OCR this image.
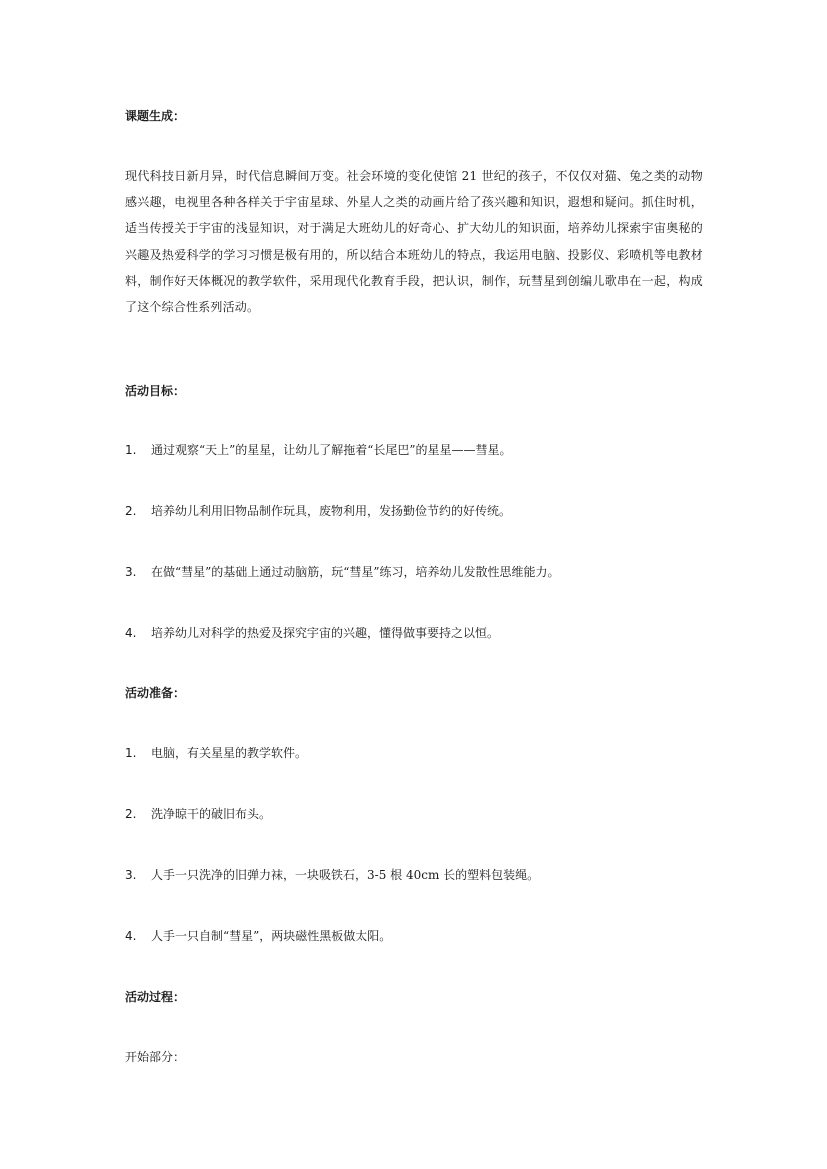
课题生成：
现代科技日新月异，时代信息瞬间万变。社会环境的变化使馆 21 世纪的孩子，不仅仅对猫、兔之类的动物感兴趣，电视里各种各样关于宇宙星球、外星人之类的动画片给了孩兴趣和知识，遐想和疑问。抓住时机，适当传授关于宇宙的浅显知识，对于满足大班幼儿的好奇心、扩大幼儿的知识面，培养幼儿探索宇宙奥秘的兴趣及热爱科学的学习习惯是极有用的，所以结合本班幼儿的特点，我运用电脑、投影仪、彩喷机等电教材料，制作好天体概况的教学软件，采用现代化教育手段，把认识，制作，玩彗星到创编儿歌串在一起，构成了这个综合性系列活动。
活动目标：
1. 通过观察“天上”的星星，让幼儿了解拖着“长尾巴”的星星——彗星。
2. 培养幼儿利用旧物品制作玩具，废物利用，发扬勤俭节约的好传统。
3. 在做“彗星”的基础上通过动脑筋，玩“彗星”练习，培养幼儿发散性思维能力。
4. 培养幼儿对科学的热爱及探究宇宙的兴趣，懂得做事要持之以恒。
活动准备：
1. 电脑，有关星星的教学软件。
2. 洗净晾干的破旧布头。
3. 人手一只洗净的旧弹力袜，一块吸铁石，3-5 根 40cm 长的塑料包装绳。
4. 人手一只自制“彗星”，两块磁性黑板做太阳。
活动过程：
开始部分：
